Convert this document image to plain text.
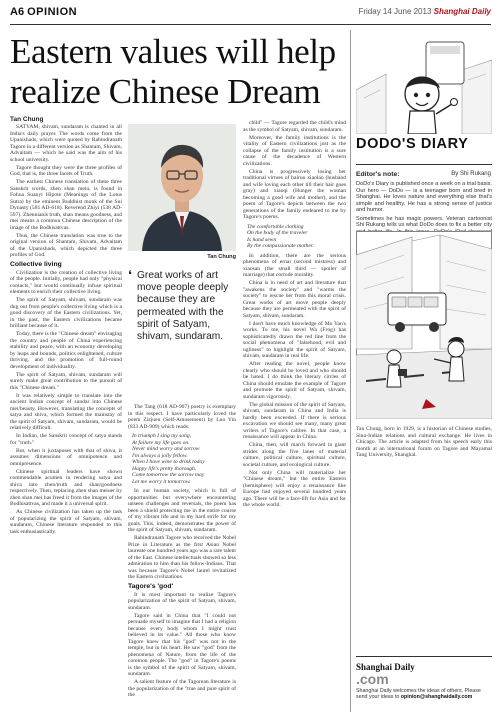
A6 OPINION	Friday 14 June 2013 Shanghai Daily
Eastern values will help realize Chinese Dream
Tan Chung

SATYAM, shivam, sundaram is chanted in all India's daily prayer. The words come from the Upanishads, which were quoted by Rabindranath Tagore in a different version as Shantam, Shivam, Advaitam — which he said was the aim of his school university.

Tagore thought they were the three profiles of God, that is, the three facets of Truth.

The earliest Chinese translation of these three Sanskrit words, zhen shan meiu, is found in Fohua Suanyi Hipote (Meanings of the Lotus Sutra) by the eminent Buddhist monk of the Sui Dynasty (581 AD-618). Reverend Zhiyi (538 AD-597). Zhennianis truth, shan means goodness, and mei means a common Chinese description of the image of the Bodhisattvas.

Thus, the Chinese translation was true to the original version of Shantam, Shivam, Advaitam of the Upanishads, which depicted the three profiles of God.

Collective living

Civilization is the creation of collective living of the people. Initially, people had only "physical contacts," but would continually infuse spiritual elements to enrich their collective living.

The spirit of Satyam, shivam, sundaram was dug out from people's collective living which is a good discovery of the Eastern civilizations. Yet, in the past, the Eastern civilizations became brilliant because of it.

Today, there is the "Chinese dream" envisaging the country and people of China experiencing stability and peace, with an economy developing by leaps and bounds, politics enlightened, culture thriving, and the promotion of full-round development of individuality.

The spirit of Satyam, shivam, sundaram will surely make great contribution to the pursuit of this "Chinese dream."

It was relatively simple to translate into the ancient Indian concept of sundar into Chinese mei/beauty. However, translating the concepts of satya and shiva, which formed the mainstay of the spirit of Satyam, shivam, sundaram, would be relatively difficult.

In Indian, the Sanskrit concept of satya stands for "truth."

But, when it juxtaposes with that of shiva, it assumes dimensions of omnipotence and omnipresence.

Chinese spiritual leaders have shown commendable acumen in rendering satya and shiva into zhen/truth and shan/goodness respectively. Then, replacing zhen shan meiuer by zhen shan mei has freed it from the images of the Bodhisattvas, and made it a universal spirit.

As Chinese civilization has taken up the task of popularizing the spirit of Satyam, shivam, sundaram, Chinese literature responded to this task enthusiastically.

Tan Chung
❛ Great works of art move people deeply because they are permeated with the spirit of Satyam, shivam, sundaram.

The Tang (618 AD-907) poetry is exemplary in this respect. I have particularly loved the poem Zizjuen (Self-Amusement) by Luo Yin (833 AD-909) which reads:

In triumph I sing my song,
At failure my life goes on.
Never mind worry and sorrow
I'm always a jolly fellow.
When I have wine to drink today
Happy life's pretty thorough.
Come tomorrow the sorrow may
Let me worry it tomorrow.

In our human society, which is full of opportunities but everywhere encountering unseen challenges and reversals, the poem has been a shield protecting me in the entire course of my vibrant life and in my hard strife for my goals. This, indeed, demonstrates the power of the spirit of Satyam, shivam, sundaram.

Rabindranath Tagore who received the Nobel Prize in Literature as the first Asian Nobel laureate one hundred years ago was a rare talent of the East. Chinese intellectuals showed so less admiration to him than his fellow-Indians. That was because Tagore's Nobel laurel revitalized the Eastern civilizations.

Tagore's 'god'

It is most important to realize Tagore's popularization of the spirit of Satyam, shivam, sundaram.

Tagore said in China that "I could not persuade myself to imagine that I had a religion because every body whom I might trust believed in its value." All those who know Tagore knew that his "god" was not in the temple, but in his heart. He saw "god" from the phenomena of Nature, from the life of the common people. The "god" in Tagore's poems is the symbol of the spirit of Satyam, shivam, sundaram.

A salient feature of the Tagorean literature is the popularization of the "true and pure spirit of the

child" — Tagore regarded the child's mind as the symbol of Satyam, shivam, sundaram.

Moreover, the family institutions is the vitality of Eastern civilizations just as the collapse of the family institution is a sure cause of the decadence of Western civilizations.

China is progressively losing her traditional virtues of bairuo xiaolao (husband and wife loving each other till their hair goes gray) and xiaoqi (Hunger the woman becoming a good wife and mother), and the poem of Tagore's depicts between the two generations of the family endeared to me by Tagore's poems.

The comfortable clothing
On the body of the traveler
Is hand sewn
By the compassionate mother.

In addition, there are the serious phenomena of ernai (second mistress) and xiaosan (the small third — spoiler of marriage) that corrode morality.

China is in need of art and literature that "awakens the society" and "warms the society" to rescue her from this moral crisis. Great works of art move people deeply because they are permeated with the spirit of Satyam, shivam, sundaram.

I don't have much knowledge of Mo Yan's works. To me, his novel Wa (Frog) has sophisticatedly drawn the red line from the social phenomena of "falsehood, evil and ugliness" to highlight the spirit of Satyam, shivam, sundaram in real life.

After reading the novel, people know clearly who should be loved and who should be hated. I do think the literary circles of China should emulate the example of Tagore and promote the spirit of Satyam, shivam, sundaram vigorously.

The global mission of the spirit of Satyam, shivam, sundaram in China and India is hardly been exceeded. If there is serious excavation we should see many, many great writers of Tagore's calibre. In that case, a renaissance will appear in China.

China, then, will march forward in giant strides along the five lanes of material culture, political culture, spiritual culture, societal culture, and ecological culture.

Not only China will materialize her "Chinese dream," but the entire Eastern (hemisphere) will enjoy a renaissance like Europe had enjoyed several hundred years ago. There will be a face-lift for Asia and for the whole world.

DODO'S DIARY
Editor's note:	By Shi Rukang

DoDo's Diary is published once a week on a trial basis. Our hero — DoDo — is a teenager born and bred in Shanghai. He loves nature and everything else that's simple and healthy. He has a strong sense of justice and humor.

Sometimes he has magic powers. Veteran cartoonist Shi Rukang tells us what DoDo does to fix a better city

Tan Chung, born in 1929, is a historian of Chinese studies, Sino-Indian relations and cultural exchange. He lives in Chicago. The article is adapted from his speech early this month at an international forum on Tagore and Mayamal Tang University, Shanghai.

Shanghai Daily
.com
Shanghai Daily welcomes the ideas of others. Please send your ideas to opinion@shanghaidaily.com
